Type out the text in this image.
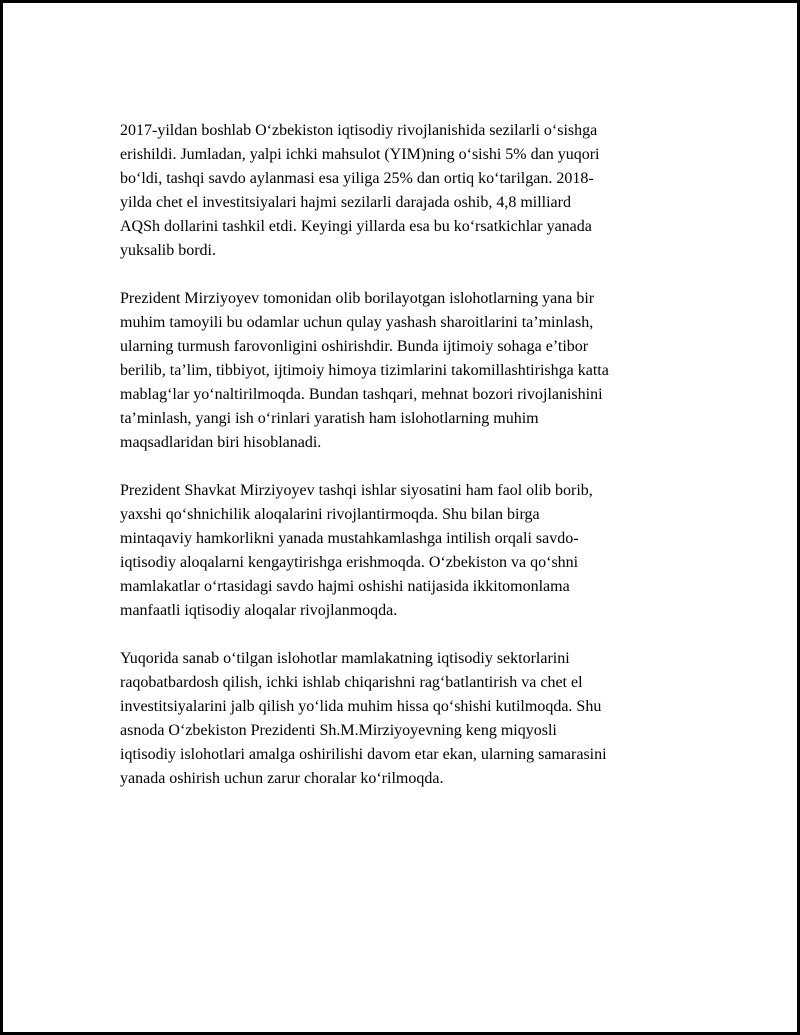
2017-yildan boshlab O‘zbekiston iqtisodiy rivojlanishida sezilarli o‘sishga
erishildi. Jumladan, yalpi ichki mahsulot (YIM)ning o‘sishi 5% dan yuqori
bo‘ldi, tashqi savdo aylanmasi esa yiliga 25% dan ortiq ko‘tarilgan. 2018-
yilda chet el investitsiyalari hajmi sezilarli darajada oshib, 4,8 milliard
AQSh dollarini tashkil etdi. Keyingi yillarda esa bu ko‘rsatkichlar yanada
yuksalib bordi.

Prezident Mirziyoyev tomonidan olib borilayotgan islohotlarning yana bir
muhim tamoyili bu odamlar uchun qulay yashash sharoitlarini ta’minlash,
ularning turmush farovonligini oshirishdir. Bunda ijtimoiy sohaga e’tibor
berilib, ta’lim, tibbiyot, ijtimoiy himoya tizimlarini takomillashtirishga katta
mablag‘lar yo‘naltirilmoqda. Bundan tashqari, mehnat bozori rivojlanishini
ta’minlash, yangi ish o‘rinlari yaratish ham islohotlarning muhim
maqsadlaridan biri hisoblanadi.

Prezident Shavkat Mirziyoyev tashqi ishlar siyosatini ham faol olib borib,
yaxshi qo‘shnichilik aloqalarini rivojlantirmoqda. Shu bilan birga
mintaqaviy hamkorlikni yanada mustahkamlashga intilish orqali savdo-
iqtisodiy aloqalarni kengaytirishga erishmoqda. O‘zbekiston va qo‘shni
mamlakatlar o‘rtasidagi savdo hajmi oshishi natijasida ikkitomonlama
manfaatli iqtisodiy aloqalar rivojlanmoqda.

Yuqorida sanab o‘tilgan islohotlar mamlakatning iqtisodiy sektorlarini
raqobatbardosh qilish, ichki ishlab chiqarishni rag‘batlantirish va chet el
investitsiyalarini jalb qilish yo‘lida muhim hissa qo‘shishi kutilmoqda. Shu
asnoda O‘zbekiston Prezidenti Sh.M.Mirziyoyevning keng miqyosli
iqtisodiy islohotlari amalga oshirilishi davom etar ekan, ularning samarasini
yanada oshirish uchun zarur choralar ko‘rilmoqda.
